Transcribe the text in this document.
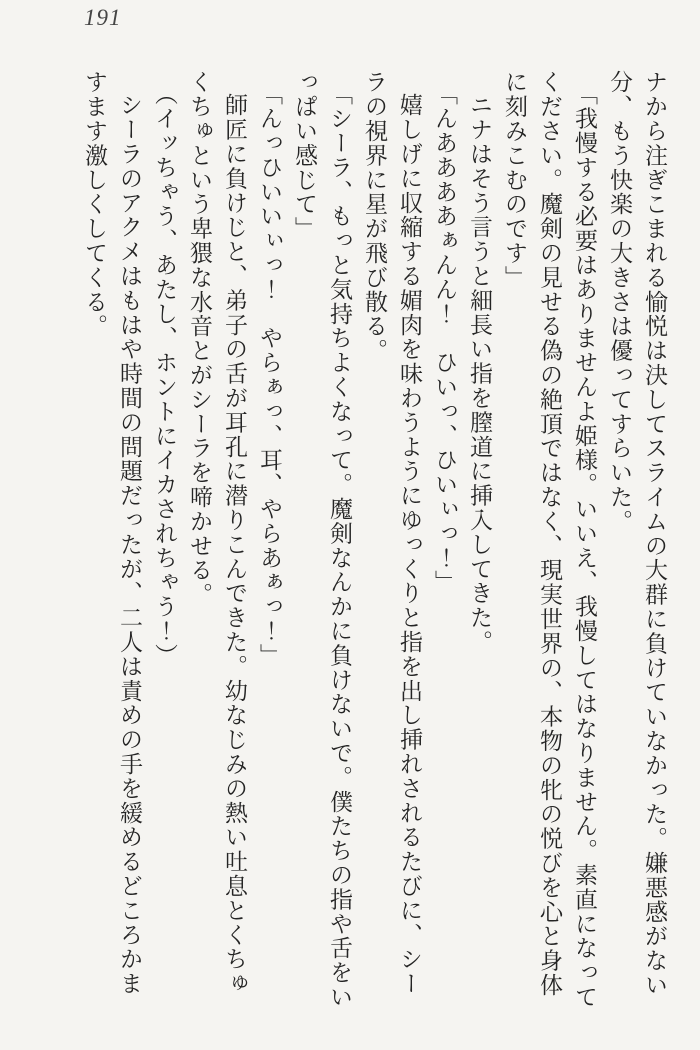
191

ナから注ぎこまれる愉悦は決してスライムの大群に負けていなかった。嫌悪感がない分、もう快楽の大きさは優ってすらいた。

「我慢する必要はありませんよ姫様。いいえ、我慢してはなりません。素直になってください。魔剣の見せる偽の絶頂ではなく、現実世界の、本物の牝の悦びを心と身体に刻みこむのです」

ニナはそう言うと細長い指を膣道に挿入してきた。

「んああああぁんん！　ひいっ、ひいぃっ！」

嬉しげに収縮する媚肉を味わうようにゆっくりと指を出し挿れされるたびに、シーラの視界に星が飛び散る。

「シーラ、もっと気持ちよくなって。魔剣なんかに負けないで。僕たちの指や舌をいっぱい感じて」

「んっひいいぃっ！　やらぁっ、耳、やらあぁっ！」

師匠に負けじと、弟子の舌が耳孔に潜りこんできた。幼なじみの熱い吐息とくちゅくちゅという卑猥な水音とがシーラを啼かせる。

（イッちゃう、あたし、ホントにイカされちゃう！）

シーラのアクメはもはや時間の問題だったが、二人は責めの手を緩めるどころかますます激しくしてくる。
